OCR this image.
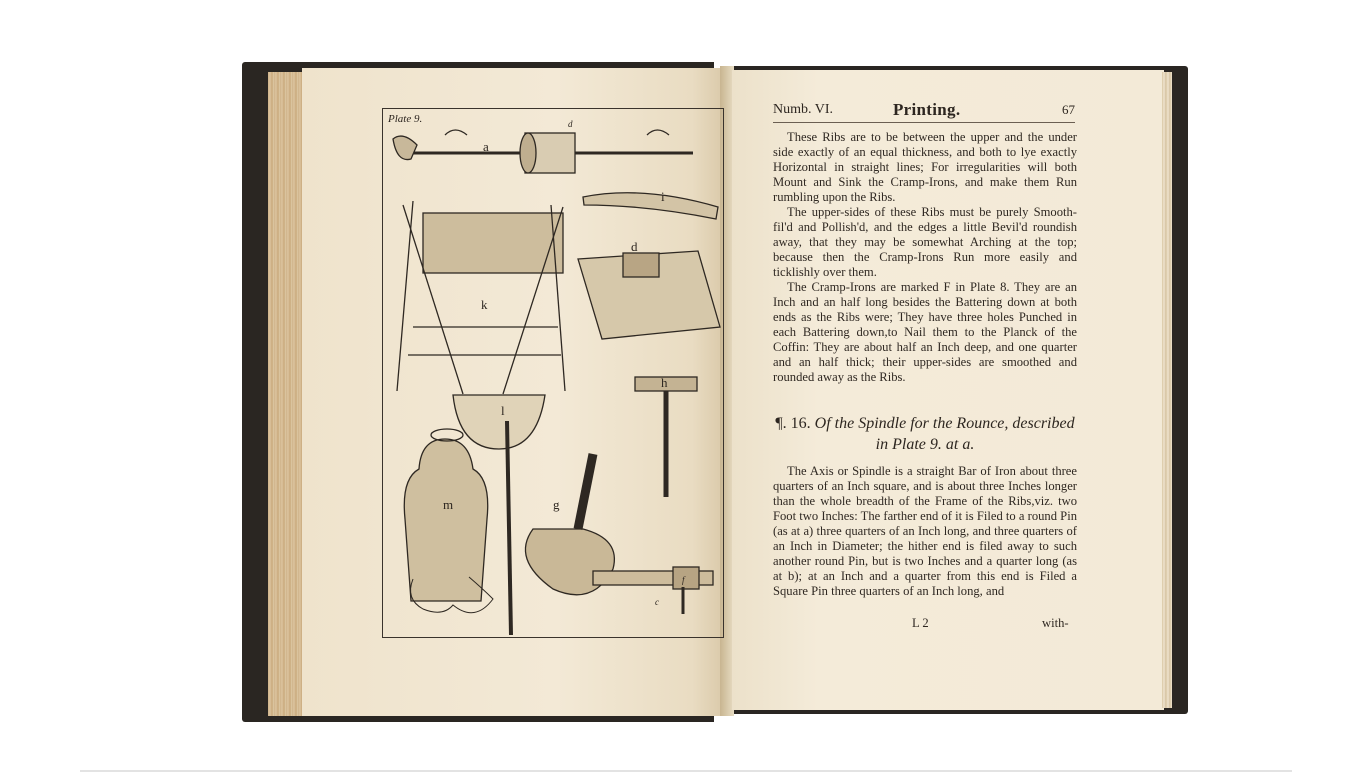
Plate 9.
a
d
i
d
k
h
l
m	g
f
c
Numb. VI.	Printing.	67

These Ribs are to be between the upper and the under side exactly of an equal thickness, and both to lye exactly Horizontal in straight lines; For irregularities will both Mount and Sink the Cramp-Irons, and make them Run rumbling upon the Ribs.

The upper-sides of these Ribs must be purely Smooth-fil'd and Pollish'd, and the edges a little Bevil'd roundish away, that they may be somewhat Arching at the top; because then the Cramp-Irons Run more easily and ticklishly over them.

The Cramp-Irons are marked F in Plate 8. They are an Inch and an half long besides the Battering down at both ends as the Ribs were; They have three holes Punched in each Battering down,to Nail them to the Planck of the Coffin: They are about half an Inch deep, and one quarter and an half thick; their upper-sides are smoothed and rounded away as the Ribs.

¶. 16. Of the Spindle for the Rounce, described in Plate 9. at a.

The Axis or Spindle is a straight Bar of Iron about three quarters of an Inch square, and is about three Inches longer than the whole breadth of the Frame of the Ribs,viz. two Foot two Inches: The farther end of it is Filed to a round Pin (as at a) three quarters of an Inch long, and three quarters of an Inch in Diameter; the hither end is filed away to such another round Pin, but is two Inches and a quarter long (as at b); at an Inch and a quarter from this end is Filed a Square Pin three quarters of an Inch long, and

L 2	with-
